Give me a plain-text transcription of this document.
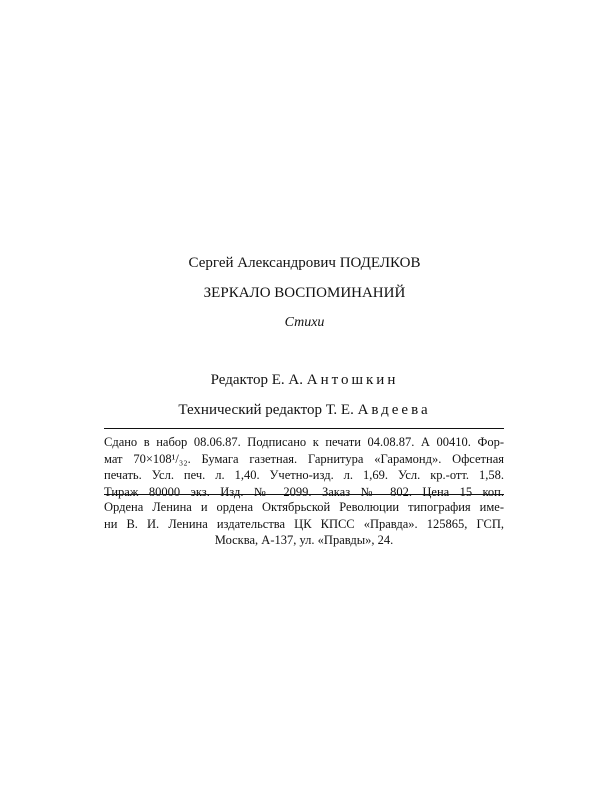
Сергей Александрович ПОДЕЛКОВ
ЗЕРКАЛО ВОСПОМИНАНИЙ
Стихи
Редактор Е. А. Антошкин
Технический редактор Т. Е. Авдеева
Сдано в набор 08.06.87. Подписано к печати 04.08.87. А 00410. Фор-
мат 70×108¹/₃₂. Бумага газетная. Гарнитура «Гарамонд». Офсетная
печать. Усл. печ. л. 1,40. Учетно-изд. л. 1,69. Усл. кр.-отт. 1,58.
Тираж 80000 экз. Изд. № 2099. Заказ № 802. Цена 15 коп.
Ордена Ленина и ордена Октябрьской Революции типография име-
ни В. И. Ленина издательства ЦК КПСС «Правда». 125865, ГСП,
Москва, А-137, ул. «Правды», 24.
